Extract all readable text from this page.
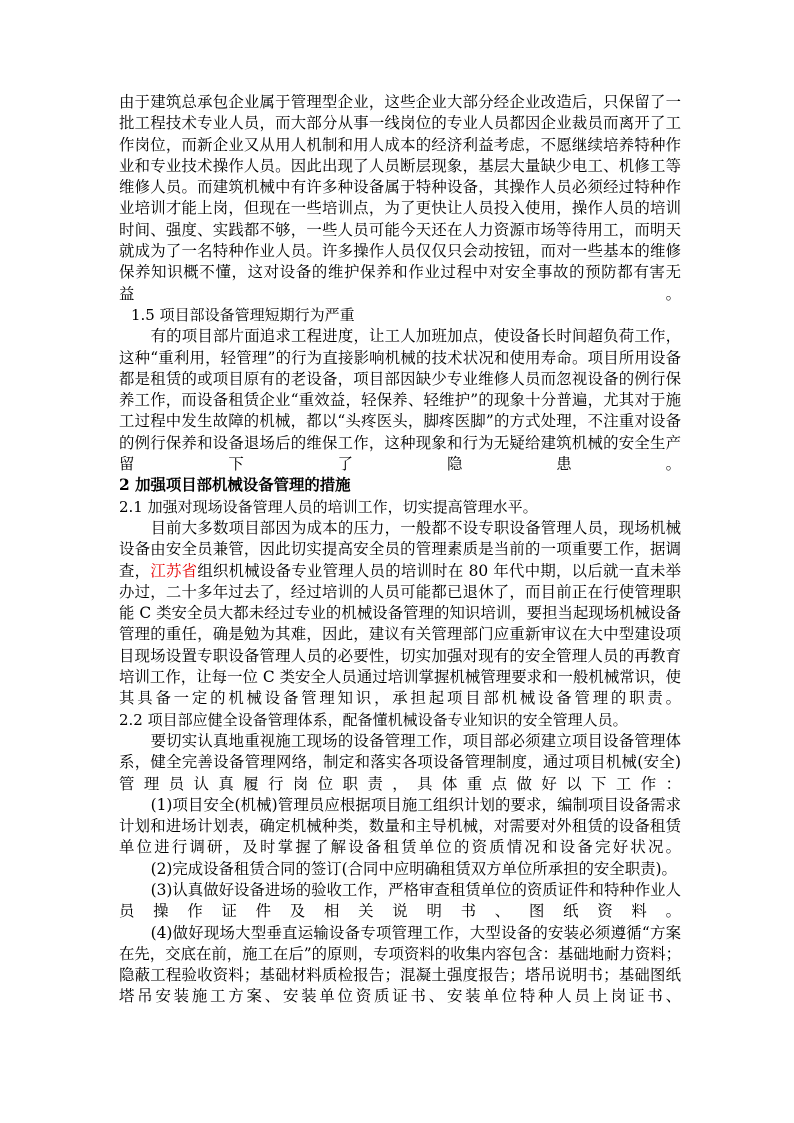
由于建筑总承包企业属于管理型企业，这些企业大部分经企业改造后，只保留了一批工程技术专业人员，而大部分从事一线岗位的专业人员都因企业裁员而离开了工作岗位，而新企业又从用人机制和用人成本的经济利益考虑，不愿继续培养特种作业和专业技术操作人员。因此出现了人员断层现象，基层大量缺少电工、机修工等维修人员。而建筑机械中有许多种设备属于特种设备，其操作人员必须经过特种作业培训才能上岗，但现在一些培训点，为了更快让人员投入使用，操作人员的培训时间、强度、实践都不够，一些人员可能今天还在人力资源市场等待用工，而明天就成为了一名特种作业人员。许多操作人员仅仅只会动按钮，而对一些基本的维修保养知识概不懂，这对设备的维护保养和作业过程中对安全事故的预防都有害无益。

1.5 项目部设备管理短期行为严重

有的项目部片面追求工程进度，让工人加班加点，使设备长时间超负荷工作，这种“重利用，轻管理”的行为直接影响机械的技术状况和使用寿命。项目所用设备都是租赁的或项目原有的老设备，项目部因缺少专业维修人员而忽视设备的例行保养工作，而设备租赁企业“重效益，轻保养、轻维护”的现象十分普遍，尤其对于施工过程中发生故障的机械，都以“头疼医头，脚疼医脚”的方式处理，不注重对设备的例行保养和设备退场后的维保工作，这种现象和行为无疑给建筑机械的安全生产留下了隐患。

2 加强项目部机械设备管理的措施

2.1 加强对现场设备管理人员的培训工作，切实提高管理水平。

目前大多数项目部因为成本的压力，一般都不设专职设备管理人员，现场机械设备由安全员兼管，因此切实提高安全员的管理素质是当前的一项重要工作，据调查，江苏省组织机械设备专业管理人员的培训时在 80 年代中期，以后就一直未举办过，二十多年过去了，经过培训的人员可能都已退休了，而目前正在行使管理职能 C 类安全员大都未经过专业的机械设备管理的知识培训，要担当起现场机械设备管理的重任，确是勉为其难，因此，建议有关管理部门应重新审议在大中型建设项目现场设置专职设备管理人员的必要性，切实加强对现有的安全管理人员的再教育培训工作，让每一位 C 类安全人员通过培训掌握机械管理要求和一般机械常识，使其具备一定的机械设备管理知识，承担起项目部机械设备管理的职责。

2.2 项目部应健全设备管理体系，配备懂机械设备专业知识的安全管理人员。

要切实认真地重视施工现场的设备管理工作，项目部必须建立项目设备管理体系，健全完善设备管理网络，制定和落实各项设备管理制度，通过项目机械(安全)管理员认真履行岗位职责，具体重点做好以下工作：

(1)项目安全(机械)管理员应根据项目施工组织计划的要求，编制项目设备需求计划和进场计划表，确定机械种类，数量和主导机械，对需要对外租赁的设备租赁单位进行调研，及时掌握了解设备租赁单位的资质情况和设备完好状况。

(2)完成设备租赁合同的签订(合同中应明确租赁双方单位所承担的安全职责)。

(3)认真做好设备进场的验收工作，严格审查租赁单位的资质证件和特种作业人员操作证件及相关说明书、图纸资料。

(4)做好现场大型垂直运输设备专项管理工作，大型设备的安装必须遵循“方案在先，交底在前，施工在后”的原则，专项资料的收集内容包含：基础地耐力资料；隐蔽工程验收资料；基础材料质检报告；混凝土强度报告；塔吊说明书；基础图纸 塔吊安装施工方案、安装单位资质证书、安装单位特种人员上岗证书、
